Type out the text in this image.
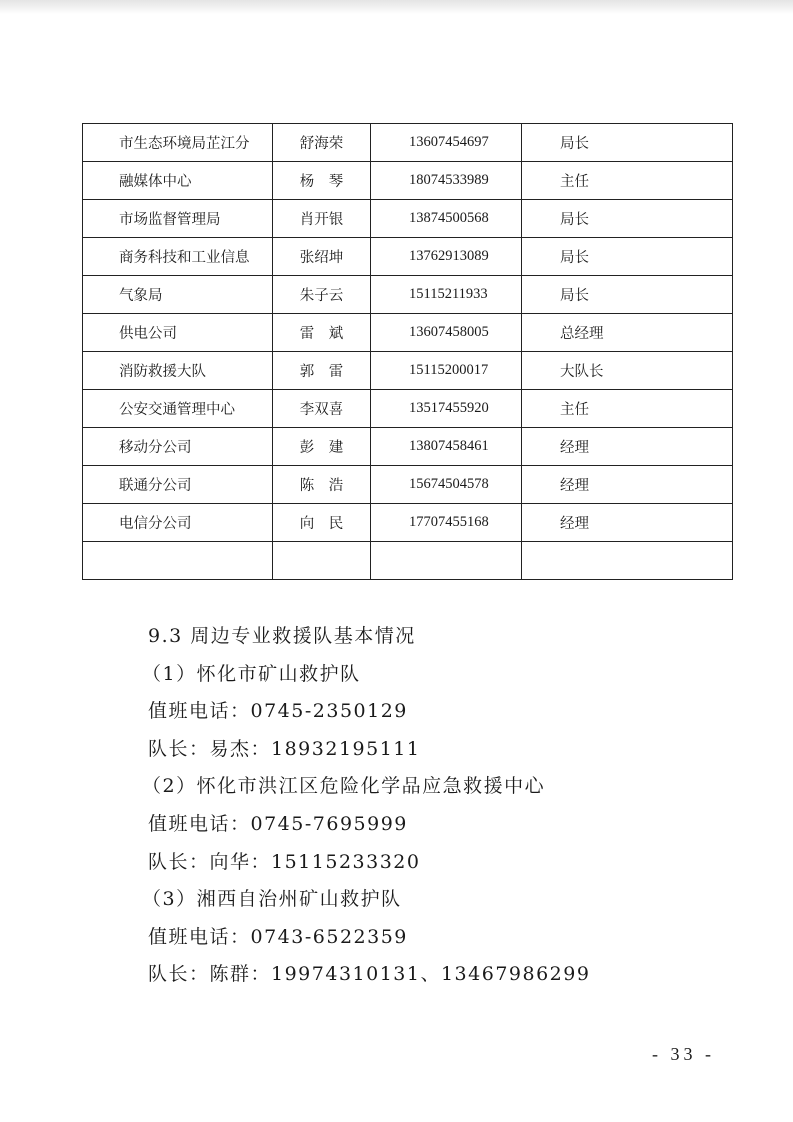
市生态环境局芷江分	舒海荣	13607454697	局长
融媒体中心	杨　琴	18074533989	主任
市场监督管理局	肖开银	13874500568	局长
商务科技和工业信息	张绍坤	13762913089	局长
气象局	朱子云	15115211933	局长
供电公司	雷　斌	13607458005	总经理
消防救援大队	郭　雷	15115200017	大队长
公安交通管理中心	李双喜	13517455920	主任
移动分公司	彭　建	13807458461	经理
联通分公司	陈　浩	15674504578	经理
电信分公司	向　民	17707455168	经理

9.3 周边专业救援队基本情况
（1）怀化市矿山救护队
值班电话：0745-2350129
队长：易杰：18932195111
（2）怀化市洪江区危险化学品应急救援中心
值班电话：0745-7695999
队长：向华：15115233320
（3）湘西自治州矿山救护队
值班电话：0743-6522359
队长：陈群：19974310131、13467986299
- 33 -
